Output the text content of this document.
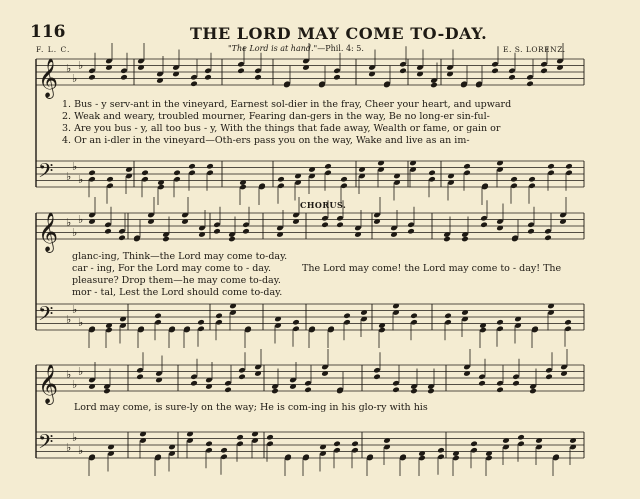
116	THE LORD MAY COME TO-DAY.
F. L. C.	"The Lord is at hand."—Phil. 4: 5.	E. S. LORENZ.
CHORUS.
𝄞 ♭
♭
♭
𝄢 ♭
♭
♭
𝄞 ♭
♭
♭
𝄢 ♭
♭
♭
𝄞 ♭
♭
♭
𝄢 ♭
♭
♭
1. Bus - y serv-ant in the vineyard, Earnest sol-dier in the fray, Cheer your heart, and upward
2. Weak and weary, troubled mourner, Fearing dan-gers in the way, Be no long-er sin-ful-
3. Are you bus - y, all too bus - y, With the things that fade away, Wealth or fame, or gain or
4. Or an i-dler in the vineyard—Oth-ers pass you on the way, Wake and live as an im-
glanc-ing, Think—the Lord may come to-day.
car - ing, For the Lord may come to - day.
pleasure? Drop them—he may come to-day.
mor - tal, Lest the Lord should come to-day.
The Lord may come! the Lord may come to - day! The
Lord may come, is sure-ly on the way; He is com-ing in his glo-ry with his
